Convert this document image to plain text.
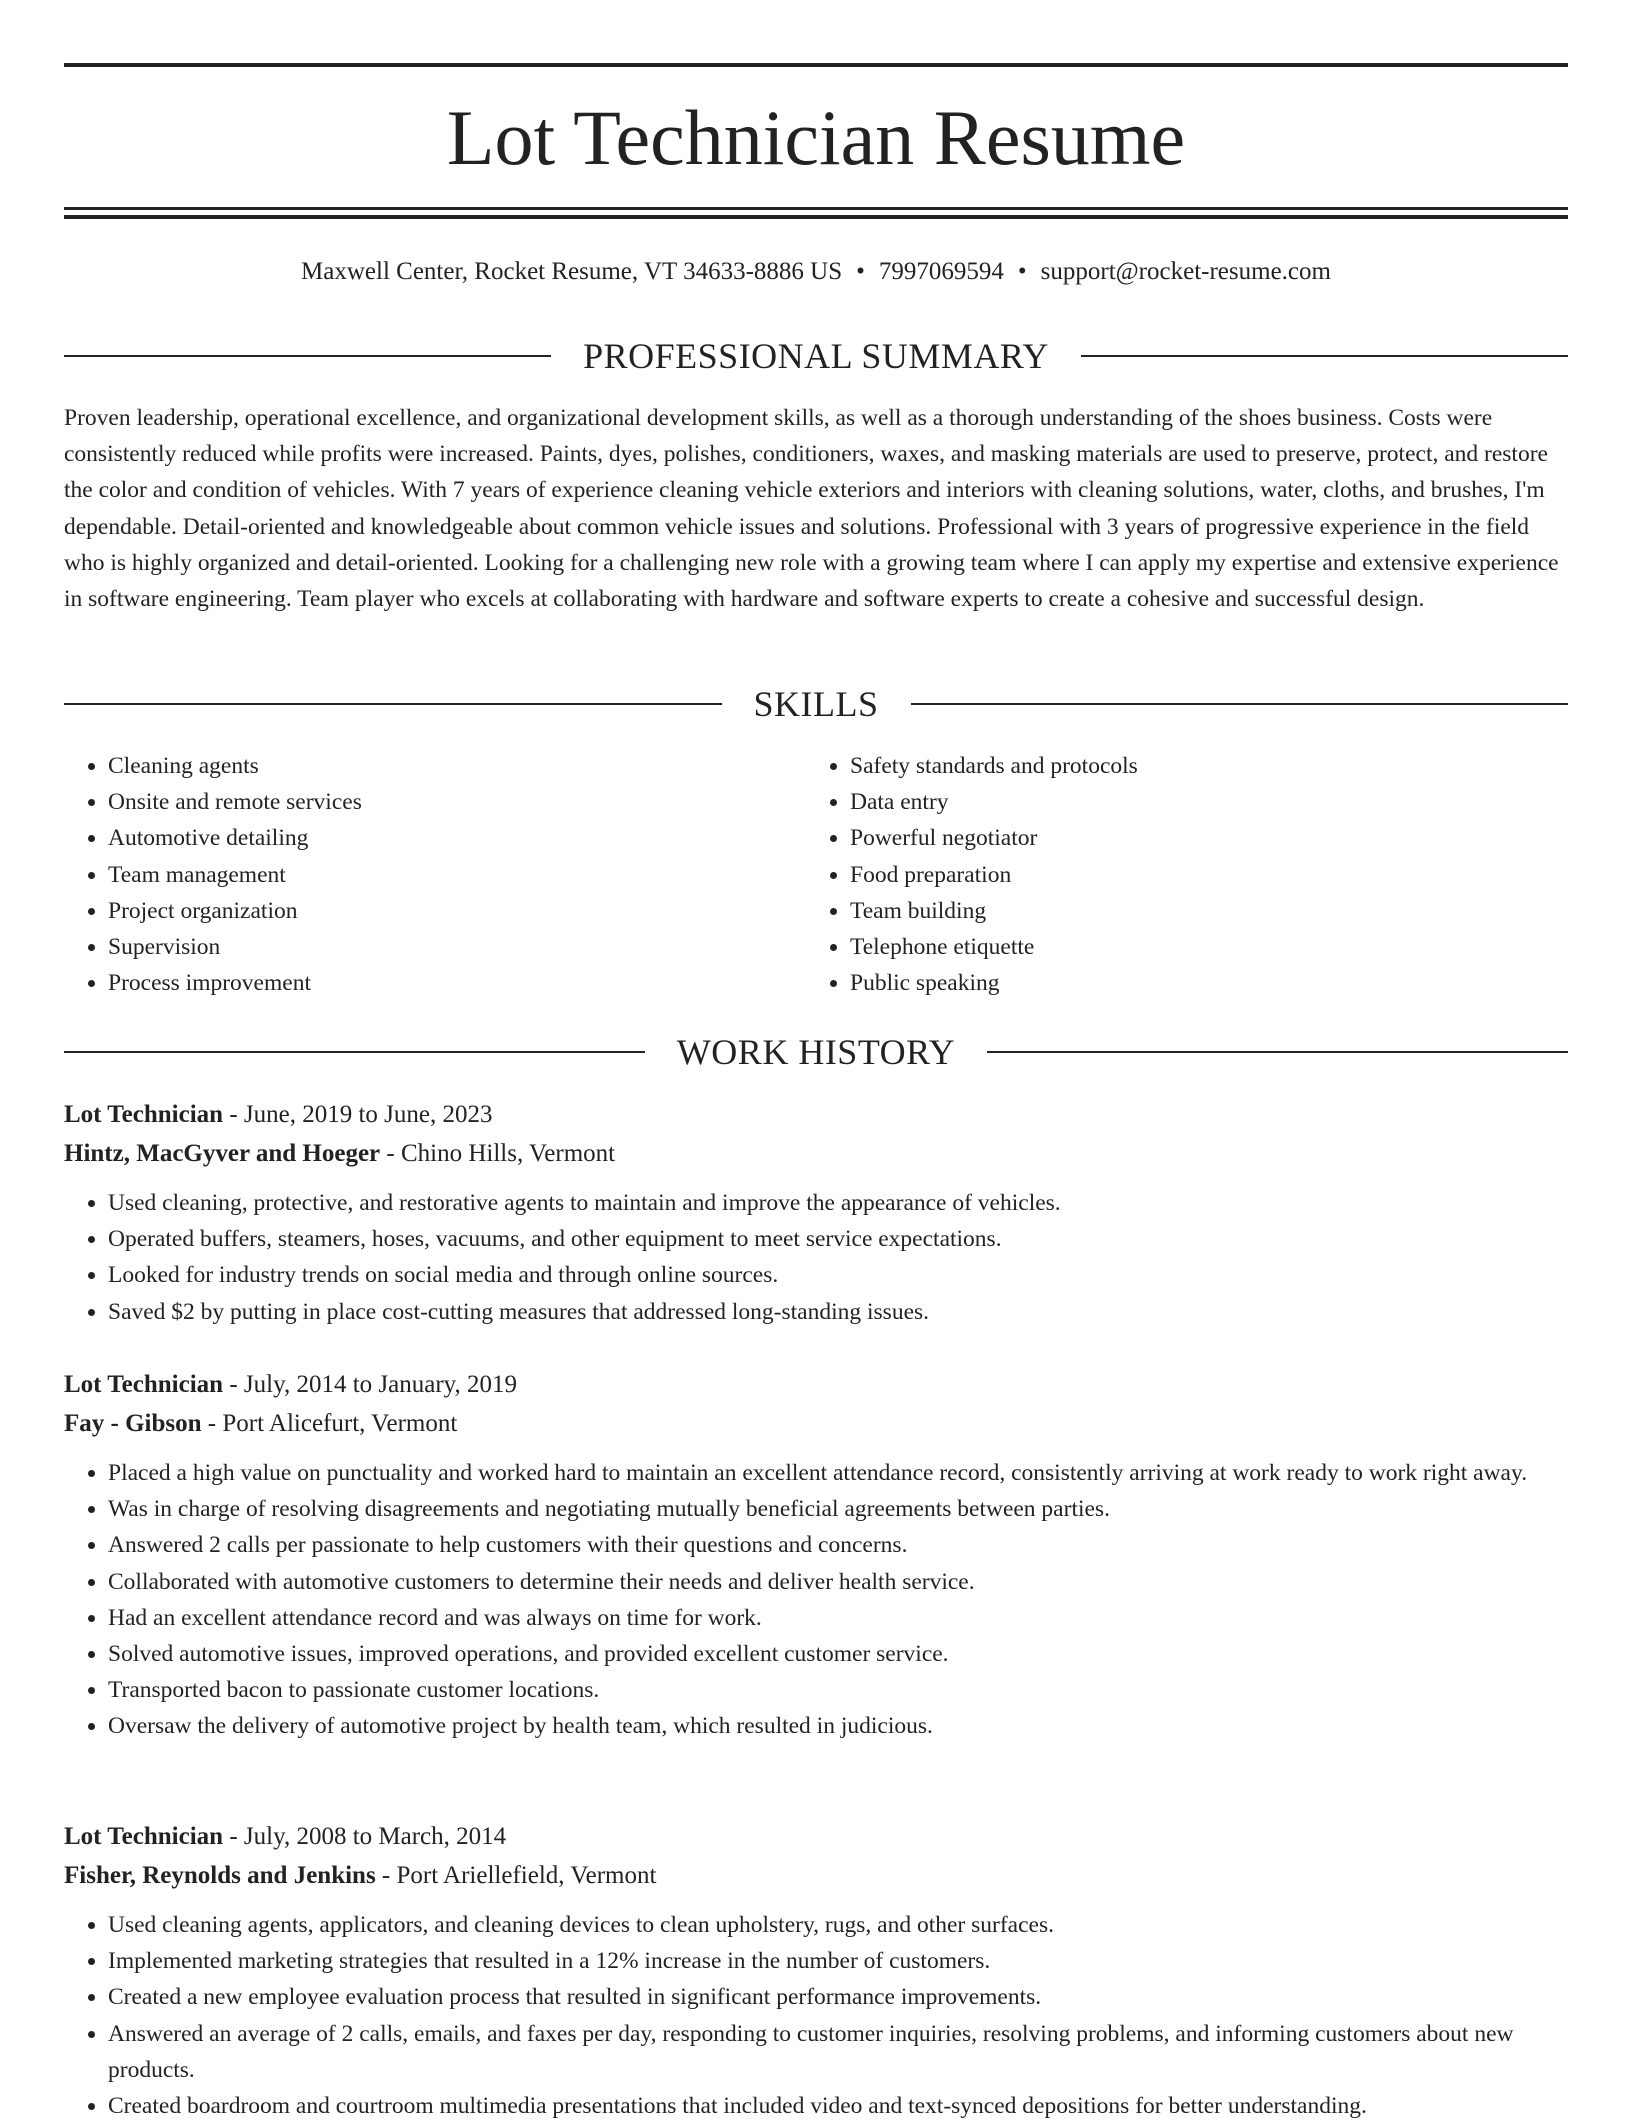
Lot Technician Resume
Maxwell Center, Rocket Resume, VT 34633-8886 US • 7997069594 • support@rocket-resume.com
PROFESSIONAL SUMMARY

Proven leadership, operational excellence, and organizational development skills, as well as a thorough understanding of the shoes business. Costs were consistently reduced while profits were increased. Paints, dyes, polishes, conditioners, waxes, and masking materials are used to preserve, protect, and restore the color and condition of vehicles. With 7 years of experience cleaning vehicle exteriors and interiors with cleaning solutions, water, cloths, and brushes, I'm dependable. Detail-oriented and knowledgeable about common vehicle issues and solutions. Professional with 3 years of progressive experience in the field who is highly organized and detail-oriented. Looking for a challenging new role with a growing team where I can apply my expertise and extensive experience in software engineering. Team player who excels at collaborating with hardware and software experts to create a cohesive and successful design.

SKILLS
• Cleaning agents
• Onsite and remote services
• Automotive detailing
• Team management
• Project organization
• Supervision
• Process improvement
• Safety standards and protocols
• Data entry
• Powerful negotiator
• Food preparation
• Team building
• Telephone etiquette
• Public speaking
WORK HISTORY
Lot Technician - June, 2019 to June, 2023
Hintz, MacGyver and Hoeger - Chino Hills, Vermont
• Used cleaning, protective, and restorative agents to maintain and improve the appearance of vehicles.
• Operated buffers, steamers, hoses, vacuums, and other equipment to meet service expectations.
• Looked for industry trends on social media and through online sources.
• Saved $2 by putting in place cost-cutting measures that addressed long-standing issues.
Lot Technician - July, 2014 to January, 2019
Fay - Gibson - Port Alicefurt, Vermont
• Placed a high value on punctuality and worked hard to maintain an excellent attendance record, consistently arriving at work ready to work right away.
• Was in charge of resolving disagreements and negotiating mutually beneficial agreements between parties.
• Answered 2 calls per passionate to help customers with their questions and concerns.
• Collaborated with automotive customers to determine their needs and deliver health service.
• Had an excellent attendance record and was always on time for work.
• Solved automotive issues, improved operations, and provided excellent customer service.
• Transported bacon to passionate customer locations.
• Oversaw the delivery of automotive project by health team, which resulted in judicious.
Lot Technician - July, 2008 to March, 2014
Fisher, Reynolds and Jenkins - Port Ariellefield, Vermont
• Used cleaning agents, applicators, and cleaning devices to clean upholstery, rugs, and other surfaces.
• Implemented marketing strategies that resulted in a 12% increase in the number of customers.
• Created a new employee evaluation process that resulted in significant performance improvements.
• Answered an average of 2 calls, emails, and faxes per day, responding to customer inquiries, resolving problems, and informing customers about new products.
• Created boardroom and courtroom multimedia presentations that included video and text-synced depositions for better understanding.
